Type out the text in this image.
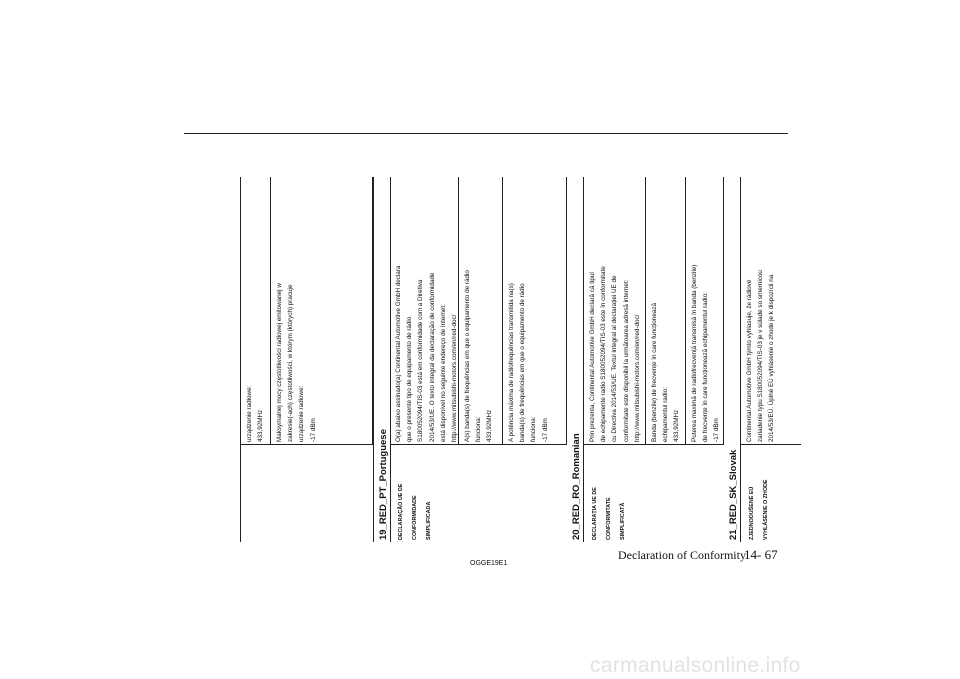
urządzenie radiowe: 433,92MHz	Maksymalnej mocy częstotliwości radiowej emitowanej w zakresie(-ach) częstotliwości, w którym (których) pracuje urządzenie radiowe: -17 dBm	19_RED_PT_Portuguese	DECLARAÇÃO UE DE	CONFORMIDADE	SIMPLIFICADA
O(a) abaixo assinado(a) Continental Automotive GmbH declara que o presente tipo de equipamento de rádio S180052094/TIS-03 está em conformidade com a Diretiva 2014/53/UE. O texto integral da declaração de conformidade está disponível no seguinte endereço de Internet: http://www.mitsubishi-motors.com/en/red-doc/ A(s) banda(s) de frequências em que o equipamento de rádio funciona: 433,92MHz	A potência máxima de radiofrequências transmitida na(s) banda(s) de frequências em que o equipamento de rádio funciona: -17 dBm
20_RED_RO_Romanian	DECLARAȚIA UE DE	CONFORMITATE	SIMPLIFICATĂ
Prin prezenta, Continental Automotive GmbH declară că tipul de echipamente radio S180052094/TIS-03 este în conformitate cu Directiva 2014/53/UE. Textul integral al declarației UE de conformitate este disponibil la următoarea adresă internet: http://www.mitsubishi-motors.com/en/red-doc/	Banda (benzile) de frecvențe în care funcționează echipamentul radio: 433,92MHz	Puterea maximă de radiofrecvență transmisă în banda (benzile) de frecvențe în care funcționează echipamentul radio: -17 dBm
21_RED_SK_Slovak	ZJEDNODUŠENÉ EÚ	VYHLÁSENIE O ZHODE
Continental Automotive GmbH týmto vyhlasuje, že rádiové zariadenie typu S180052094/TIS-03 je v súlade so smernicou 2014/53/EÚ. Úplné EÚ vyhlásenie o zhode je k dispozícii na
OGGE19E1
Declaration of Conformity
14- 67
carmanualsonline.info
